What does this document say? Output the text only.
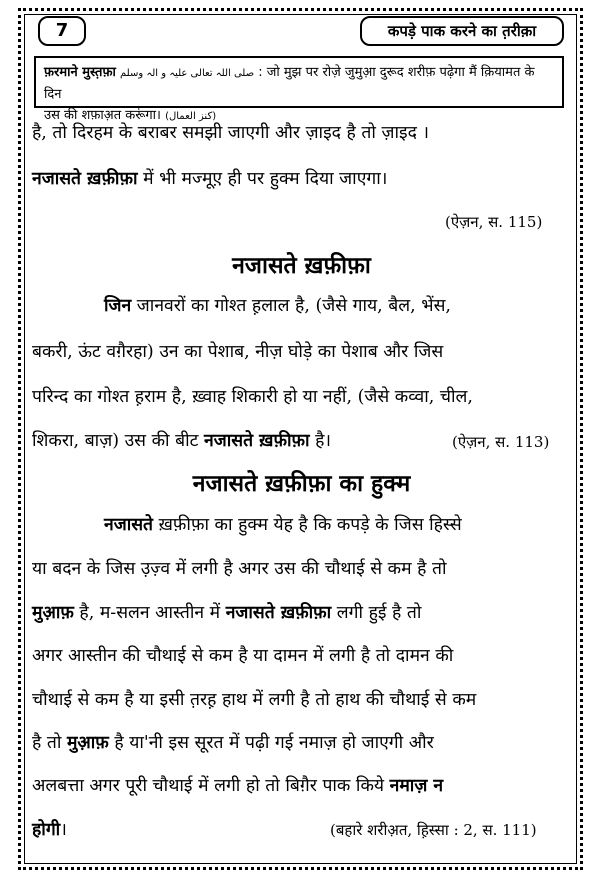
7	कपड़े पाक करने का त़रीक़ा
फ़रमाने मुस्त़फ़ा صلی اللہ تعالی علیہ و الہ وسلم : जो मुझ पर रोजे़ जुमुआ़ दुरूद शरीफ़ पढ़ेगा मैं क़ियामत के दिन
उस की शफ़ाअ़त करूंगा। (کنز العمال)
है, तो दिरहम के बराबर समझी जाएगी और ज़ाइद है तो ज़ाइद ।
नजासते ख़फ़ीफ़ा में भी मज्मूए़ ही पर हुक्म दिया जाएगा।
(ऐज़न, स. 115)
नजासते ख़फ़ीफ़ा
जिन जानवरों का गोश्त ह़लाल है, (जैसे गाय, बैल, भेंस,
बकरी, ऊंट वग़ैरहा) उन का पेशाब, नीज़ घोड़े का पेशाब और जिस
परिन्द का गोश्त ह़राम है, ख़्वाह शिकारी हो या नहीं, (जैसे कव्वा, चील,
शिकरा, बाज़) उस की बीट नजासते ख़फ़ीफ़ा है।	(ऐज़न, स. 113)
नजासते ख़फ़ीफ़ा का हुक्म
नजासते ख़फ़ीफ़ा का हुक्म येह है कि कपड़े के जिस हिस्से
या बदन के जिस उ़ज़्व में लगी है अगर उस की चौथाई से कम है तो
मुआ़फ़ है, म-सलन आस्तीन में नजासते ख़फ़ीफ़ा लगी हुई है तो
अगर आस्तीन की चौथाई से कम है या दामन में लगी है तो दामन की
चौथाई से कम है या इसी त़रह़ हाथ में लगी है तो हाथ की चौथाई से कम
है तो मुआ़फ़ है या'नी इस सूरत में पढ़ी गई नमाज़ हो जाएगी और
अलबत्ता अगर पूरी चौथाई में लगी हो तो बिग़ैर पाक किये नमाज़ न
होगी।	(बहारे शरीअ़त, ह़िस्सा : 2, स. 111)
